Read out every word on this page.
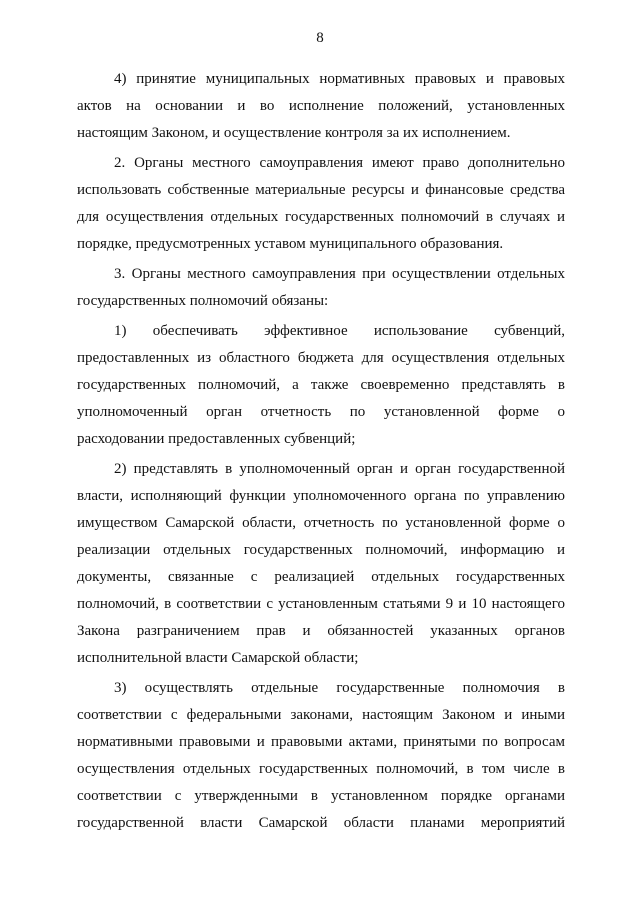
8
4) принятие муниципальных нормативных правовых и правовых
актов на основании и во исполнение положений, установленных
настоящим Законом, и осуществление контроля за их исполнением.
2. Органы местного самоуправления имеют право дополнительно
использовать собственные материальные ресурсы и финансовые средства
для осуществления отдельных государственных полномочий в случаях и
порядке, предусмотренных уставом муниципального образования.
3. Органы местного самоуправления при осуществлении отдельных
государственных полномочий обязаны:
1) обеспечивать эффективное использование субвенций,
предоставленных из областного бюджета для осуществления отдельных
государственных полномочий, а также своевременно представлять в
уполномоченный орган отчетность по установленной форме о
расходовании предоставленных субвенций;
2) представлять в уполномоченный орган и орган государственной
власти, исполняющий функции уполномоченного органа по управлению
имуществом Самарской области, отчетность по установленной форме о
реализации отдельных государственных полномочий, информацию и
документы, связанные с реализацией отдельных государственных
полномочий, в соответствии с установленным статьями 9 и 10 настоящего
Закона разграничением прав и обязанностей указанных органов
исполнительной власти Самарской области;
3) осуществлять отдельные государственные полномочия в
соответствии с федеральными законами, настоящим Законом и иными
нормативными правовыми и правовыми актами, принятыми по вопросам
осуществления отдельных государственных полномочий, в том числе в
соответствии с утвержденными в установленном порядке органами
государственной власти Самарской области планами мероприятий
